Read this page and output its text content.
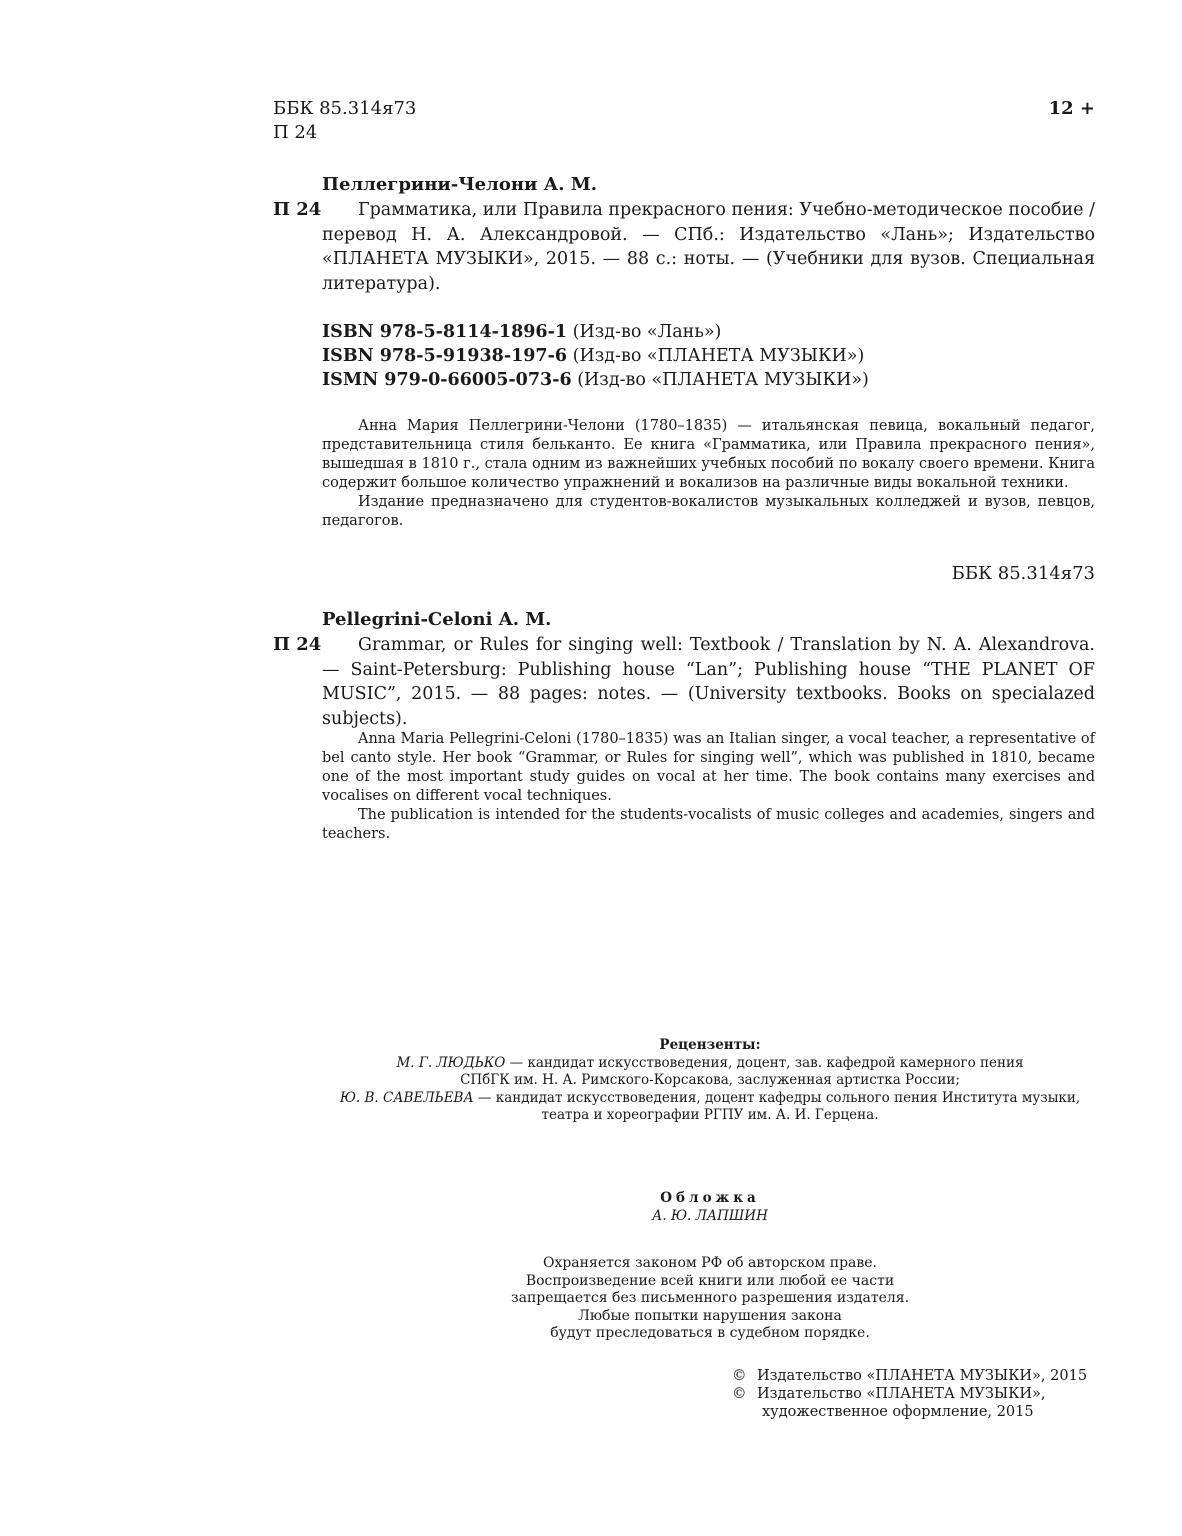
ББК 85.314я73
П 24
12 +
Пеллегрини-Челони А. М.
П 24	Грамматика, или Правила прекрасного пения: Учебно-методическое пособие / перевод Н. А. Александровой. — СПб.: Издательство «Лань»; Издательство «ПЛАНЕТА МУЗЫКИ», 2015. — 88 с.: ноты. — (Учебники для вузов. Специальная литература).

ISBN 978-5-8114-1896-1 (Изд-во «Лань»)
ISBN 978-5-91938-197-6 (Изд-во «ПЛАНЕТА МУЗЫКИ»)
ISMN 979-0-66005-073-6 (Изд-во «ПЛАНЕТА МУЗЫКИ»)

Анна Мария Пеллегрини-Челони (1780–1835) — итальянская певица, вокальный педагог, представительница стиля бельканто. Ее книга «Грамматика, или Правила прекрасного пения», вышедшая в 1810 г., стала одним из важнейших учебных пособий по вокалу своего времени. Книга содержит большое количество упражнений и вокализов на различные виды вокальной техники.

Издание предназначено для студентов-вокалистов музыкальных колледжей и вузов, певцов, педагогов.

ББК 85.314я73
Pellegrini-Celoni A. M.
П 24	Grammar, or Rules for singing well: Textbook / Translation by N. A. Alexandrova. — Saint-Petersburg: Publishing house “Lan”; Publishing house “THE PLANET OF MUSIC”, 2015. — 88 pages: notes. — (University textbooks. Books on specialazed subjects).

Anna Maria Pellegrini-Celoni (1780–1835) was an Italian singer, a vocal teacher, a representative of bel canto style. Her book “Grammar, or Rules for singing well”, which was published in 1810, became one of the most important study guides on vocal at her time. The book contains many exercises and vocalises on different vocal techniques.

The publication is intended for the students-vocalists of music colleges and academies, singers and teachers.

Рецензенты:
М. Г. ЛЮДЬКО — кандидат искусствоведения, доцент, зав. кафедрой камерного пения
СПбГК им. Н. А. Римского-Корсакова, заслуженная артистка России;
Ю. В. САВЕЛЬЕВА — кандидат искусствоведения, доцент кафедры сольного пения Института музыки,
театра и хореографии РГПУ им. А. И. Герцена.
Обложка
А. Ю. ЛАПШИН
Охраняется законом РФ об авторском праве.
Воспроизведение всей книги или любой ее части
запрещается без письменного разрешения издателя.
Любые попытки нарушения закона
будут преследоваться в судебном порядке.
© Издательство «ПЛАНЕТА МУЗЫКИ», 2015
© Издательство «ПЛАНЕТА МУЗЫКИ»,
художественное оформление, 2015
